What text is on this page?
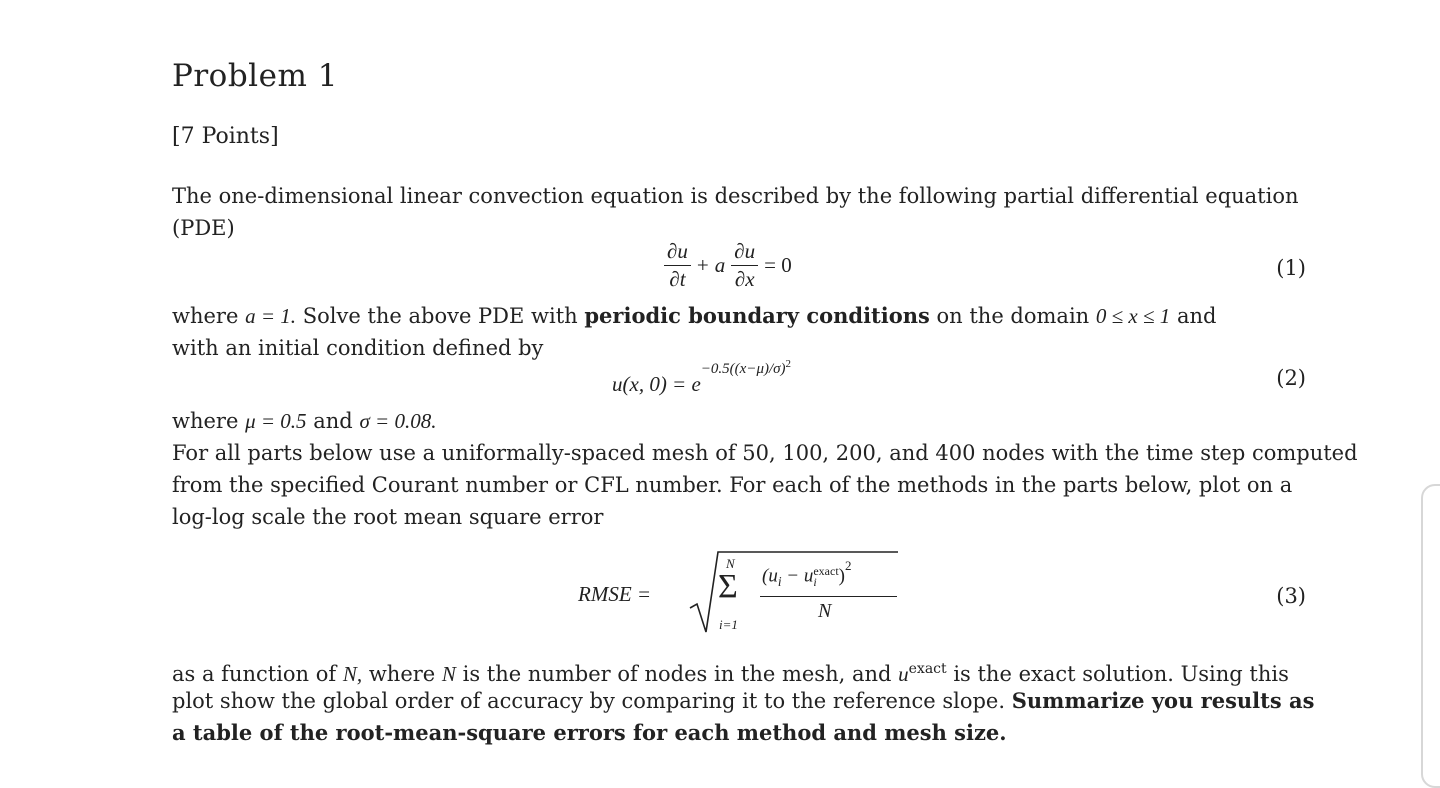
Problem 1
[7 Points]
The one-dimensional linear convection equation is described by the following partial differential equation
(PDE)
$\frac{\partial u}{\partial t} + a \frac{\partial u}{\partial x} = 0$	(1)
where a = 1. Solve the above PDE with periodic boundary conditions on the domain 0 ≤ x ≤ 1 and
with an initial condition defined by
u(x, $0) = e^{-0.5((x-\mu)/\sigma)^2}$
(2)
where μ = 0.5 and σ = 0.08.
For all parts below use a uniformally-spaced mesh of 50, 100, 200, and 400 nodes with the time step computed
from the specified Courant number or CFL number. For each of the methods in the parts below, plot on a
log-log scale the root mean square error
RMSE =
N
Σ
i=1
($u_i - u$ exact
i	)$^2$
N
(3)
as a function of N, where N is the number of nodes in the mesh, and $u^{exact}$ is the exact solution. Using this
plot show the global order of accuracy by comparing it to the reference slope. Summarize you results as
a table of the root-mean-square errors for each method and mesh size.
